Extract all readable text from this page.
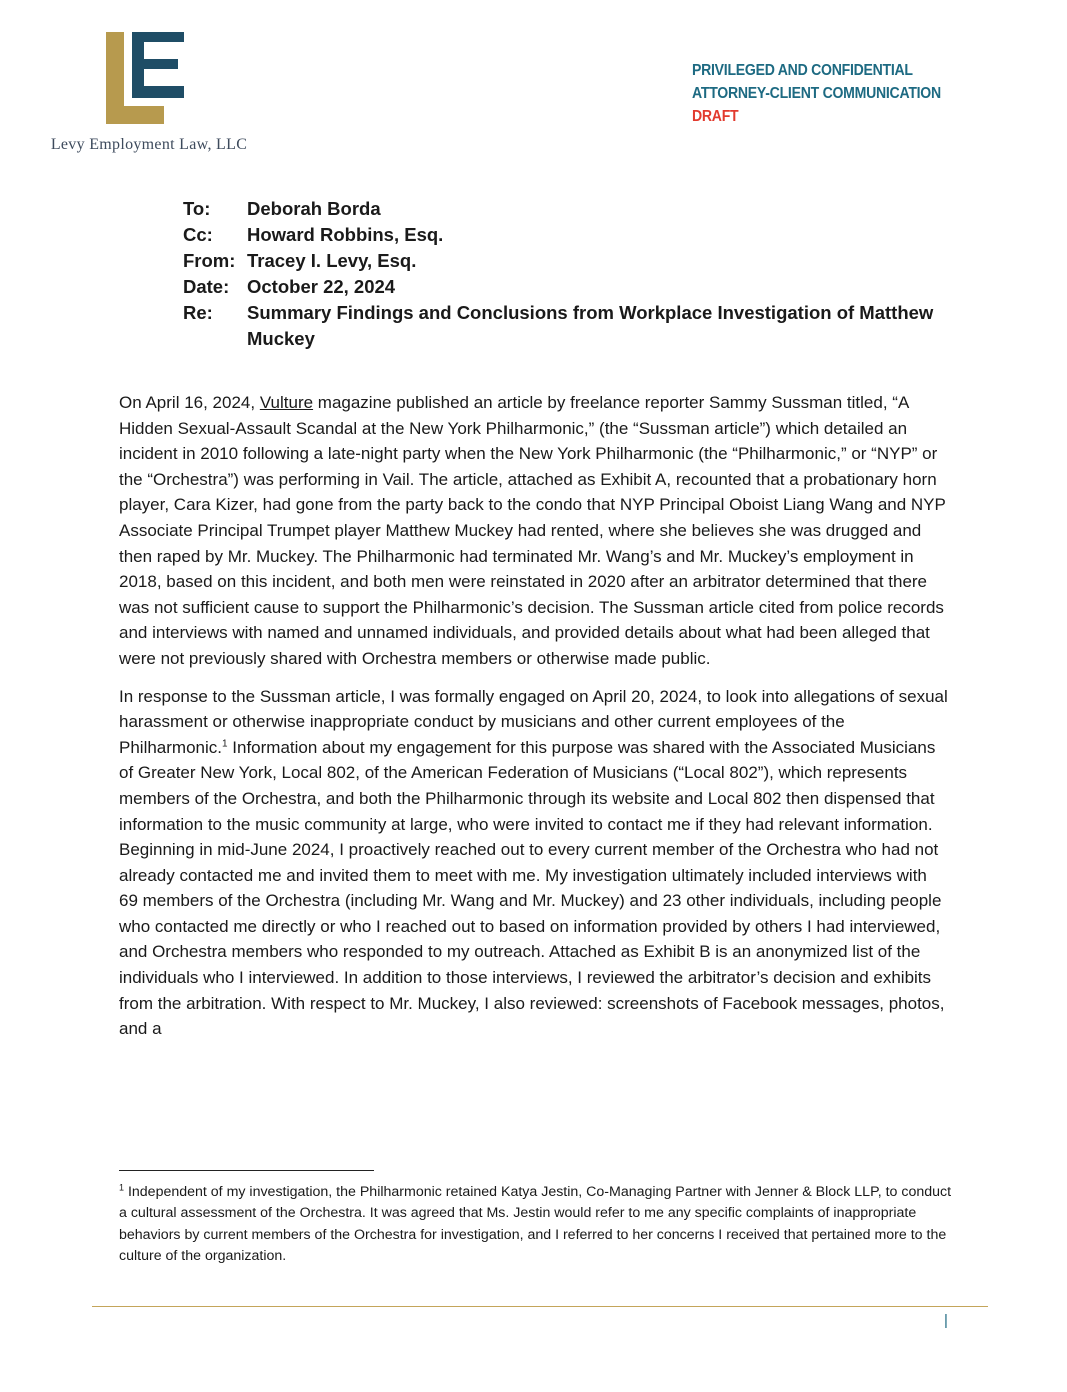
Levy Employment Law, LLC
PRIVILEGED AND CONFIDENTIAL
ATTORNEY-CLIENT COMMUNICATION
DRAFT
To:	Deborah Borda
Cc:	Howard Robbins, Esq.
From: Tracey I. Levy, Esq.
Date: October 22, 2024
Re:	Summary Findings and Conclusions from Workplace Investigation of Matthew Muckey

On April 16, 2024, Vulture magazine published an article by freelance reporter Sammy Sussman titled, “A Hidden Sexual-Assault Scandal at the New York Philharmonic,” (the “Sussman article”) which detailed an incident in 2010 following a late-night party when the New York Philharmonic (the “Philharmonic,” or “NYP” or the “Orchestra”) was performing in Vail. The article, attached as Exhibit A, recounted that a probationary horn player, Cara Kizer, had gone from the party back to the condo that NYP Principal Oboist Liang Wang and NYP Associate Principal Trumpet player Matthew Muckey had rented, where she believes she was drugged and then raped by Mr. Muckey. The Philharmonic had terminated Mr. Wang’s and Mr. Muckey’s employment in 2018, based on this incident, and both men were reinstated in 2020 after an arbitrator determined that there was not sufficient cause to support the Philharmonic’s decision. The Sussman article cited from police records and interviews with named and unnamed individuals, and provided details about what had been alleged that were not previously shared with Orchestra members or otherwise made public.

In response to the Sussman article, I was formally engaged on April 20, 2024, to look into allegations of sexual harassment or otherwise inappropriate conduct by musicians and other current employees of the Philharmonic.$^1$ Information about my engagement for this purpose was shared with the Associated Musicians of Greater New York, Local 802, of the American Federation of Musicians (“Local 802”), which represents members of the Orchestra, and both the Philharmonic through its website and Local 802 then dispensed that information to the music community at large, who were invited to contact me if they had relevant information. Beginning in mid-June 2024, I proactively reached out to every current member of the Orchestra who had not already contacted me and invited them to meet with me. My investigation ultimately included interviews with 69 members of the Orchestra (including Mr. Wang and Mr. Muckey) and 23 other individuals, including people who contacted me directly or who I reached out to based on information provided by others I had interviewed, and Orchestra members who responded to my outreach. Attached as Exhibit B is an anonymized list of the individuals who I interviewed. In addition to those interviews, I reviewed the arbitrator’s decision and exhibits from the arbitration. With respect to Mr. Muckey, I also reviewed: screenshots of Facebook messages, photos, and a

$^1$ Independent of my investigation, the Philharmonic retained Katya Jestin, Co-Managing Partner with Jenner & Block LLP, to conduct a cultural assessment of the Orchestra. It was agreed that Ms. Jestin would refer to me any specific complaints of inappropriate behaviors by current members of the Orchestra for investigation, and I referred to her concerns I received that pertained more to the culture of the organization.
|
